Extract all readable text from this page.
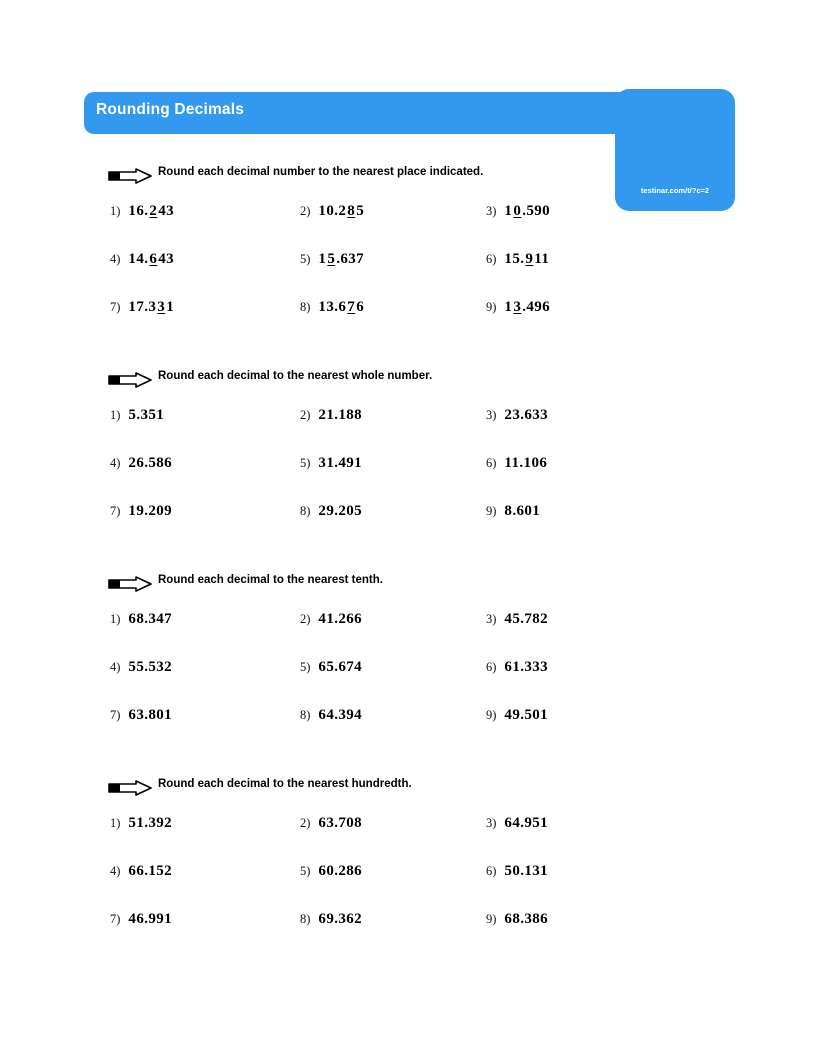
Rounding Decimals
testinar.com/t/?c=2
Round each decimal number to the nearest place indicated.
1) 16.243	2) 10.285	3) 10.590
4) 14.643	5) 15.637	6) 15.911
7) 17.331	8) 13.676	9) 13.496
Round each decimal to the nearest whole number.
1) 5.351	2) 21.188	3) 23.633
4) 26.586	5) 31.491	6) 11.106
7) 19.209	8) 29.205	9) 8.601
Round each decimal to the nearest tenth.
1) 68.347	2) 41.266	3) 45.782
4) 55.532	5) 65.674	6) 61.333
7) 63.801	8) 64.394	9) 49.501
Round each decimal to the nearest hundredth.
1) 51.392	2) 63.708	3) 64.951
4) 66.152	5) 60.286	6) 50.131
7) 46.991	8) 69.362	9) 68.386
